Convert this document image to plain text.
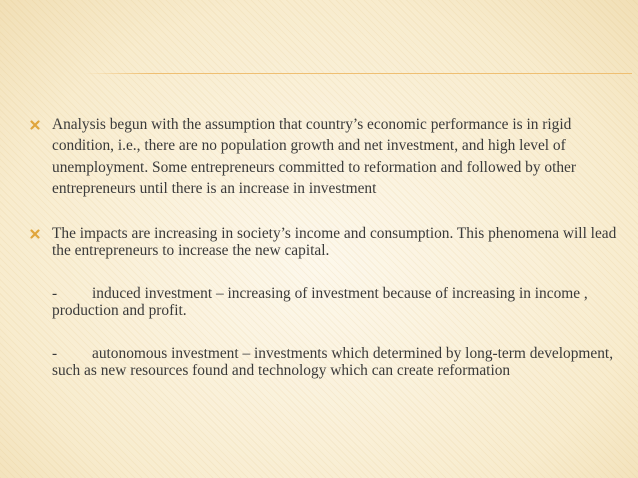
Analysis begun with the assumption that country’s economic performance is in rigid condition, i.e., there are no population growth and net investment, and high level of unemployment. Some entrepreneurs committed to reformation and followed by other entrepreneurs until there is an increase in investment

The impacts are increasing in society’s income and consumption. This phenomena will lead the entrepreneurs to increase the new capital.

- induced investment – increasing of investment because of increasing in income , production and profit.

- autonomous investment – investments which determined by long-term development, such as new resources found and technology which can create reformation
